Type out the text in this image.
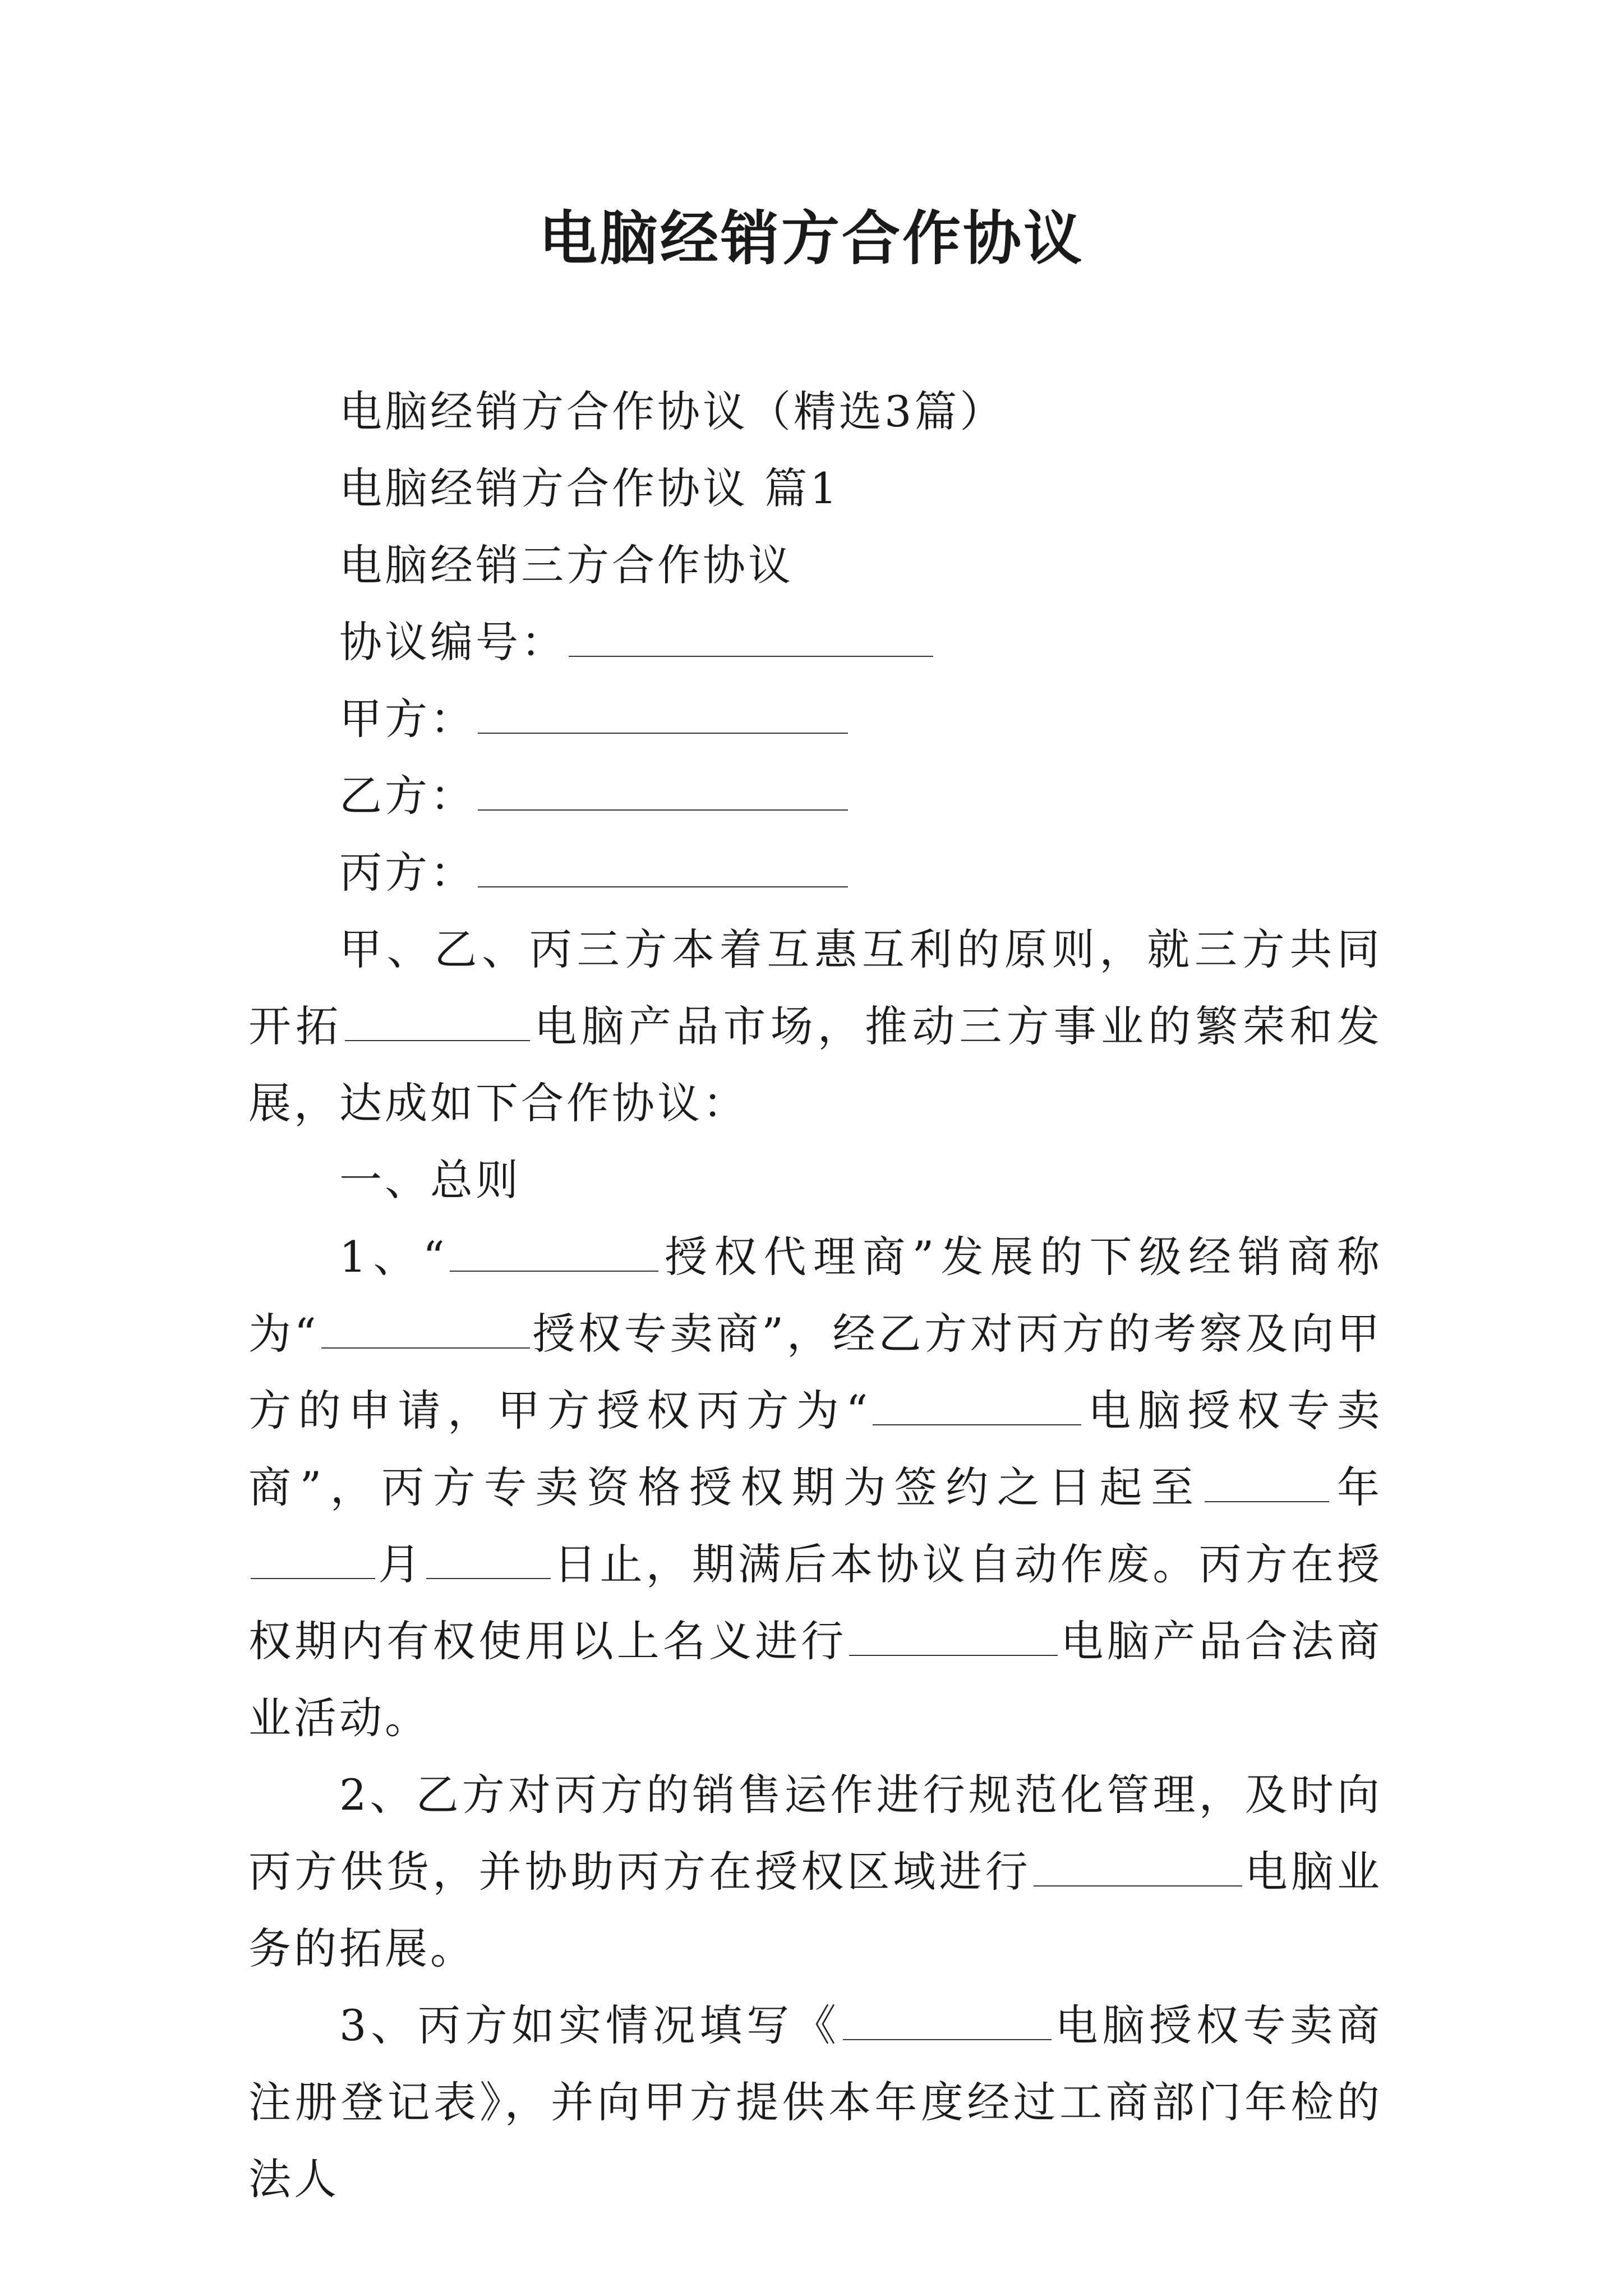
电脑经销方合作协议

电脑经销方合作协议（精选3篇）

电脑经销方合作协议 篇1

电脑经销三方合作协议

协议编号：

甲方：

乙方：

丙方：

甲、乙、丙三方本着互惠互利的原则，就三方共同开拓	电脑产品市场，推动三方事业的繁荣和发展，达成如下合作协议：

一、总则

1、“	授权代理商”发展的下级经销商称为“	授权专卖商”，经乙方对丙方的考察及向甲方的申请，甲方授权丙方为“	电脑授权专卖商”，丙方专卖资格授权期为签约之日起至	年月	日止，期满后本协议自动作废。丙方在授权期内有权使用以上名义进行	电脑产品合法商业活动。

2、乙方对丙方的销售运作进行规范化管理，及时向丙方供货，并协助丙方在授权区域进行	电脑业务的拓展。

3、丙方如实情况填写《	电脑授权专卖商注册登记表》，并向甲方提供本年度经过工商部门年检的法人
